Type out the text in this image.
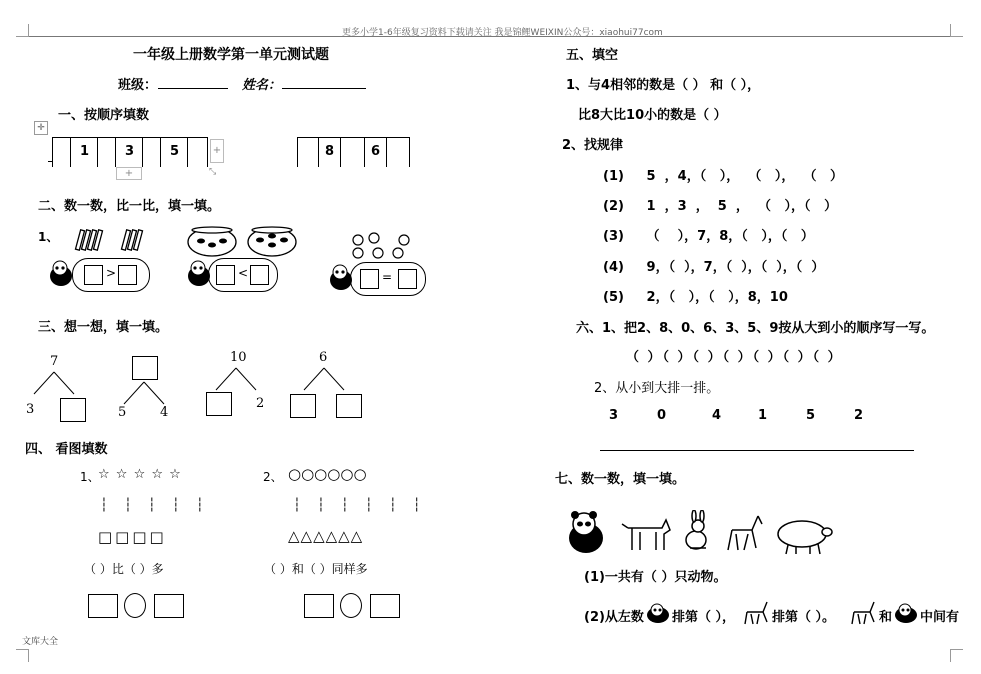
更多小学1-6年级复习资料下载请关注 我是锦鲤WEIXIN公众号：xiaohui77com
文库大全
一年级上册数学第一单元测试题
班级：	姓名：
✛
一、按顺序填数
1	3	5	+
+	⤡
8	6
二、数一数，比一比，填一填。
1、
>	<	=
三、想一想，填一填。
7
3	5	4
10
2
6
四、 看图填数
1、
☆ ☆ ☆ ☆ ☆
┆ ┆ ┆ ┆ ┆
□□□□
（ ）比（ ）多
2、 ○○○○○○
┆ ┆ ┆ ┆ ┆ ┆
△△△△△△
（ ）和（ ）同样多
五、填空
1、与4相邻的数是（ ） 和（ ），
比8大比10小的数是（ ）
2、找规律
(1)     5  ，4，（   ），  （   ），  （   ）
(2)     1  ，3  ，  5  ，  （   ），（   ）
(3)     （    ），7，8，（   ），（   ）
(4)     9，（  ），7，（  ），（  ），（  ）
(5)     2，（   ），（   ），8，10
六、1、把2、8、0、6、3、5、9按从大到小的顺序写一写。
（ ）（ ）（ ）（ ）（ ）（ ）（ ）
2、从小到大排一排。
3	0	4	1	5	2
七、数一数，填一填。
(1)一共有（ ）只动物。
(2)从左数 排第（ ），	排第（ ）。	和 中间有
